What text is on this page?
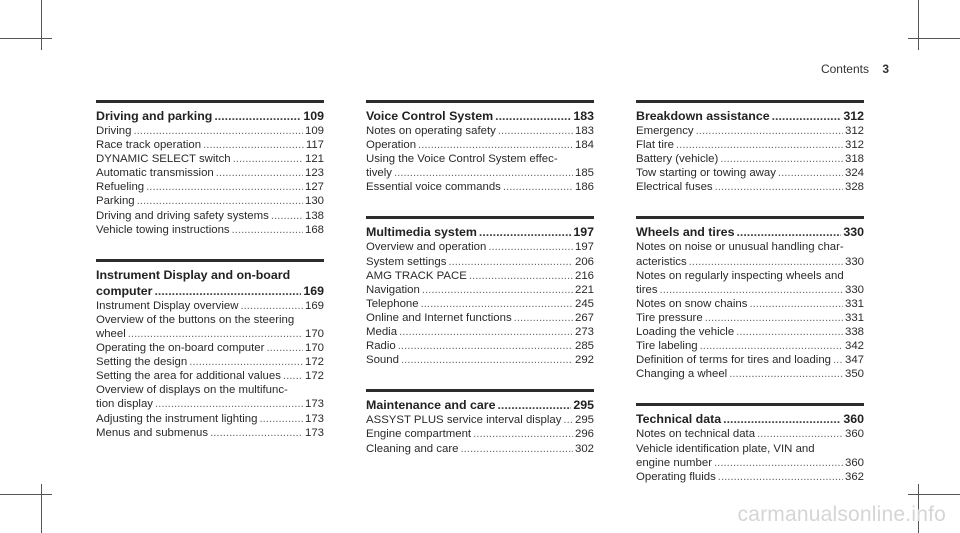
Contents 3
Driving and parking .....	109
Driving .....	109
Race track operation .....	117
DYNAMIC SELECT switch .....	121
Automatic transmission .....	123
Refueling .....	127
Parking .....	130
Driving and driving safety systems .....	138
Vehicle towing instructions .....	168
Instrument Display and on-board
computer .....	169
Instrument Display overview .....	169
Overview of the buttons on the steering
wheel .....	170
Operating the on-board computer .....	170
Setting the design .....	172
Setting the area for additional values ..... 172
Overview of displays on the multifunc-
tion display .....	173
Adjusting the instrument lighting .....	173
Menus and submenus .....	173
Voice Control System .....	183
Notes on operating safety .....	183
Operation .....	184
Using the Voice Control System effec-
tively .....	185
Essential voice commands .....	186
Multimedia system .....	197
Overview and operation .....	197
System settings .....	206
AMG TRACK PACE .....	216
Navigation .....	221
Telephone .....	245
Online and Internet functions .....	267
Media .....	273
Radio .....	285
Sound .....	292
Maintenance and care .....	295
ASSYST PLUS service interval display ..... 295
Engine compartment .....	296
Cleaning and care .....	302
Breakdown assistance .....	312
Emergency .....	312
Flat tire .....	312
Battery (vehicle) .....	318
Tow starting or towing away .....	324
Electrical fuses .....	328
Wheels and tires .....	330
Notes on noise or unusual handling char-
acteristics .....	330
Notes on regularly inspecting wheels and
tires .....	330
Notes on snow chains .....	331
Tire pressure .....	331
Loading the vehicle .....	338
Tire labeling .....	342
Definition of terms for tires and loading ..... 347
Changing a wheel .....	350
Technical data .....	360
Notes on technical data .....	360
Vehicle identification plate, VIN and
engine number .....	360
Operating fluids .....	362
carmanualsonline.info
